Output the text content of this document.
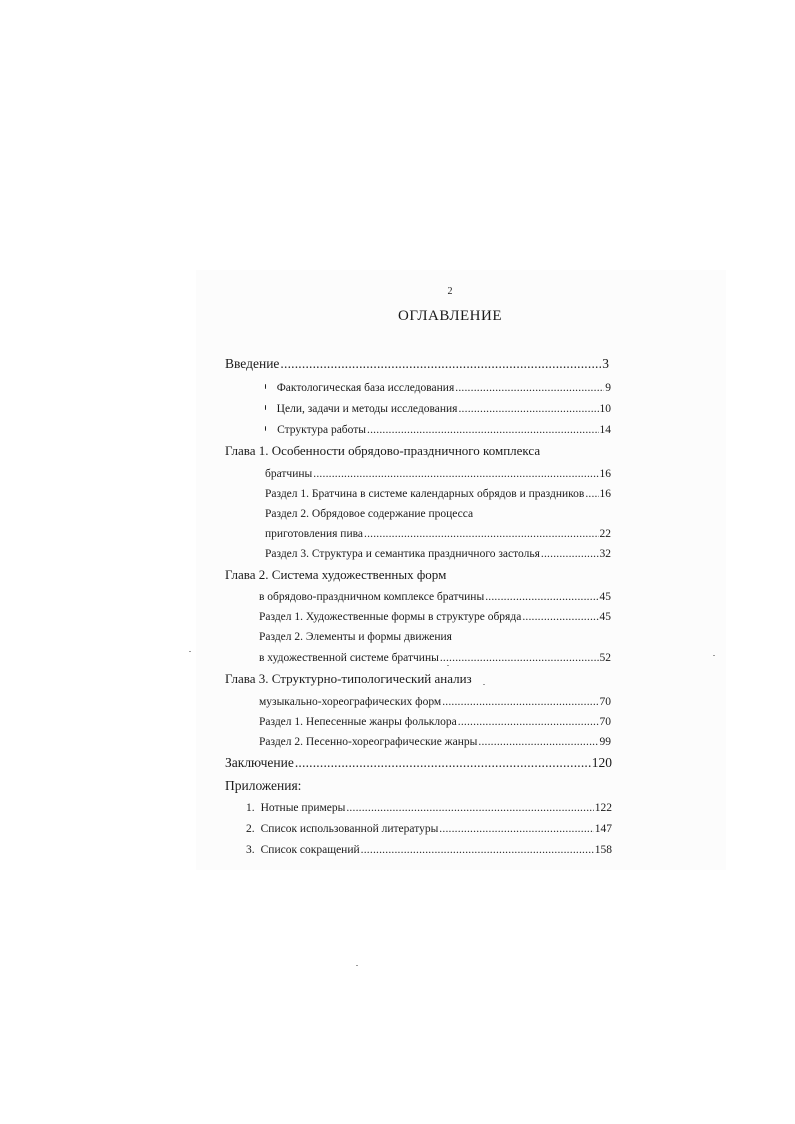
2
ОГЛАВЛЕНИЕ
Введение .....	3
Фактологическая база исследования .....	9
Цели, задачи и методы исследования .....	10
Структура работы .....	14
Глава 1.
Особенности обрядово-праздничного комплекса
братчины .....	16
Раздел 1. Братчина в системе календарных обрядов и праздников ..... 16
Раздел 2. Обрядовое содержание процесса
приготовления пива .....	22
Раздел 3. Структура и семантика праздничного застолья .....	32
Глава 2.
Система художественных форм
в обрядово-праздничном комплексе братчины .....	45
Раздел 1. Художественные формы в структуре обряда .....	45
Раздел 2. Элементы и формы движения
в художественной системе братчины .....	52
Глава 3.
Структурно-типологический анализ
музыкально-хореографических форм .....	70
Раздел 1. Непесенные жанры фольклора .....	70
Раздел 2. Песенно-хореографические жанры .....	99
Заключение .....	120
Приложения:
1. Нотные примеры .....	122
2. Список использованной литературы .....	147
3. Список сокращений .....	158
